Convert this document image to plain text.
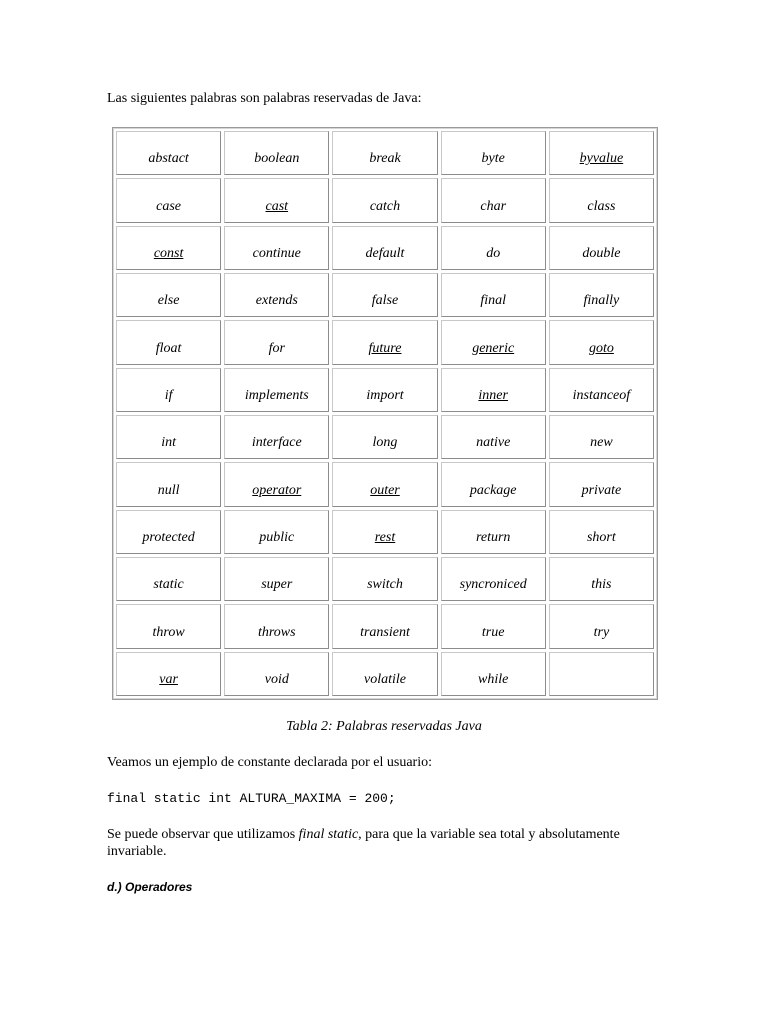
Las siguientes palabras son palabras reservadas de Java:

abstact	boolean	break	byte	byvalue
case	cast	catch	char	class
const	continue	default	do	double
else	extends	false	final	finally
float	for	future	generic	goto
if	implements	import	inner	instanceof
int	interface	long	native	new
null	operator	outer	package	private
protected	public	rest	return	short
static	super	switch	syncroniced	this
throw	throws	transient	true	try
var	void	volatile	while

Tabla 2: Palabras reservadas Java

Veamos un ejemplo de constante declarada por el usuario:

final static int ALTURA_MAXIMA = 200;

Se puede observar que utilizamos final static, para que la variable sea total y absolutamente invariable.

d.) Operadores
